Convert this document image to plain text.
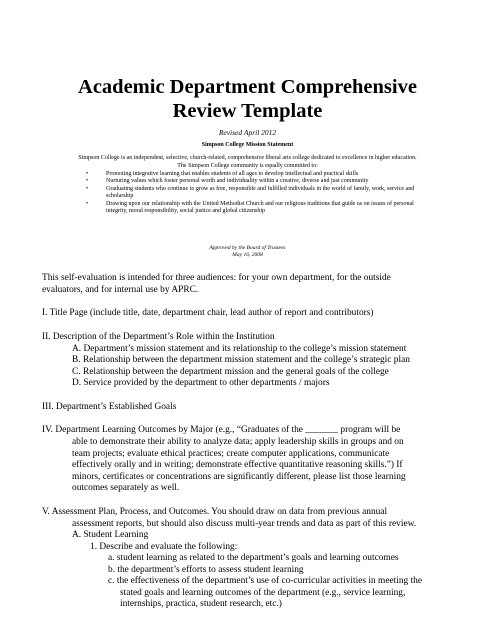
Academic Department Comprehensive
Review Template
Revised April 2012
Simpson College Mission Statement
Simpson College is an independent, selective, church-related, comprehensive liberal arts college dedicated to excellence in higher education.
The Simpson College community is equally committed to:
•	Promoting integrative learning that enables students of all ages to develop intellectual and practical skills
•	Nurturing values which foster personal worth and individuality within a creative, diverse and just community
•	Graduating students who continue to grow as free, responsible and fulfilled individuals in the world of family, work, service and scholarship
•	Drawing upon our relationship with the United Methodist Church and our religious traditions that guide us on issues of personal integrity, moral responsibility, social justice and global citizenship
Approved by the Board of Trustees
May 16, 2008
This self-evaluation is intended for three audiences: for your own department, for the outside
evaluators, and for internal use by APRC.
I. Title Page (include title, date, department chair, lead author of report and contributors)
II. Description of the Department’s Role within the Institution
A. Department’s mission statement and its relationship to the college’s mission statement
B. Relationship between the department mission statement and the college’s strategic plan
C. Relationship between the department mission and the general goals of the college
D. Service provided by the department to other departments / majors
III. Department’s Established Goals
IV. Department Learning Outcomes by Major (e.g., “Graduates of the _______ program will be
able to demonstrate their ability to analyze data; apply leadership skills in groups and on
team projects; evaluate ethical practices; create computer applications, communicate
effectively orally and in writing; demonstrate effective quantitative reasoning skills.”) If
minors, certificates or concentrations are significantly different, please list those learning
outcomes separately as well.
V. Assessment Plan, Process, and Outcomes. You should draw on data from previous annual
assessment reports, but should also discuss multi-year trends and data as part of this review.
A. Student Learning
1. Describe and evaluate the following:
a. student learning as related to the department’s goals and learning outcomes
b. the department’s efforts to assess student learning
c. the effectiveness of the department’s use of co-curricular activities in meeting the
stated goals and learning outcomes of the department (e.g., service learning,
internships, practica, student research, etc.)
